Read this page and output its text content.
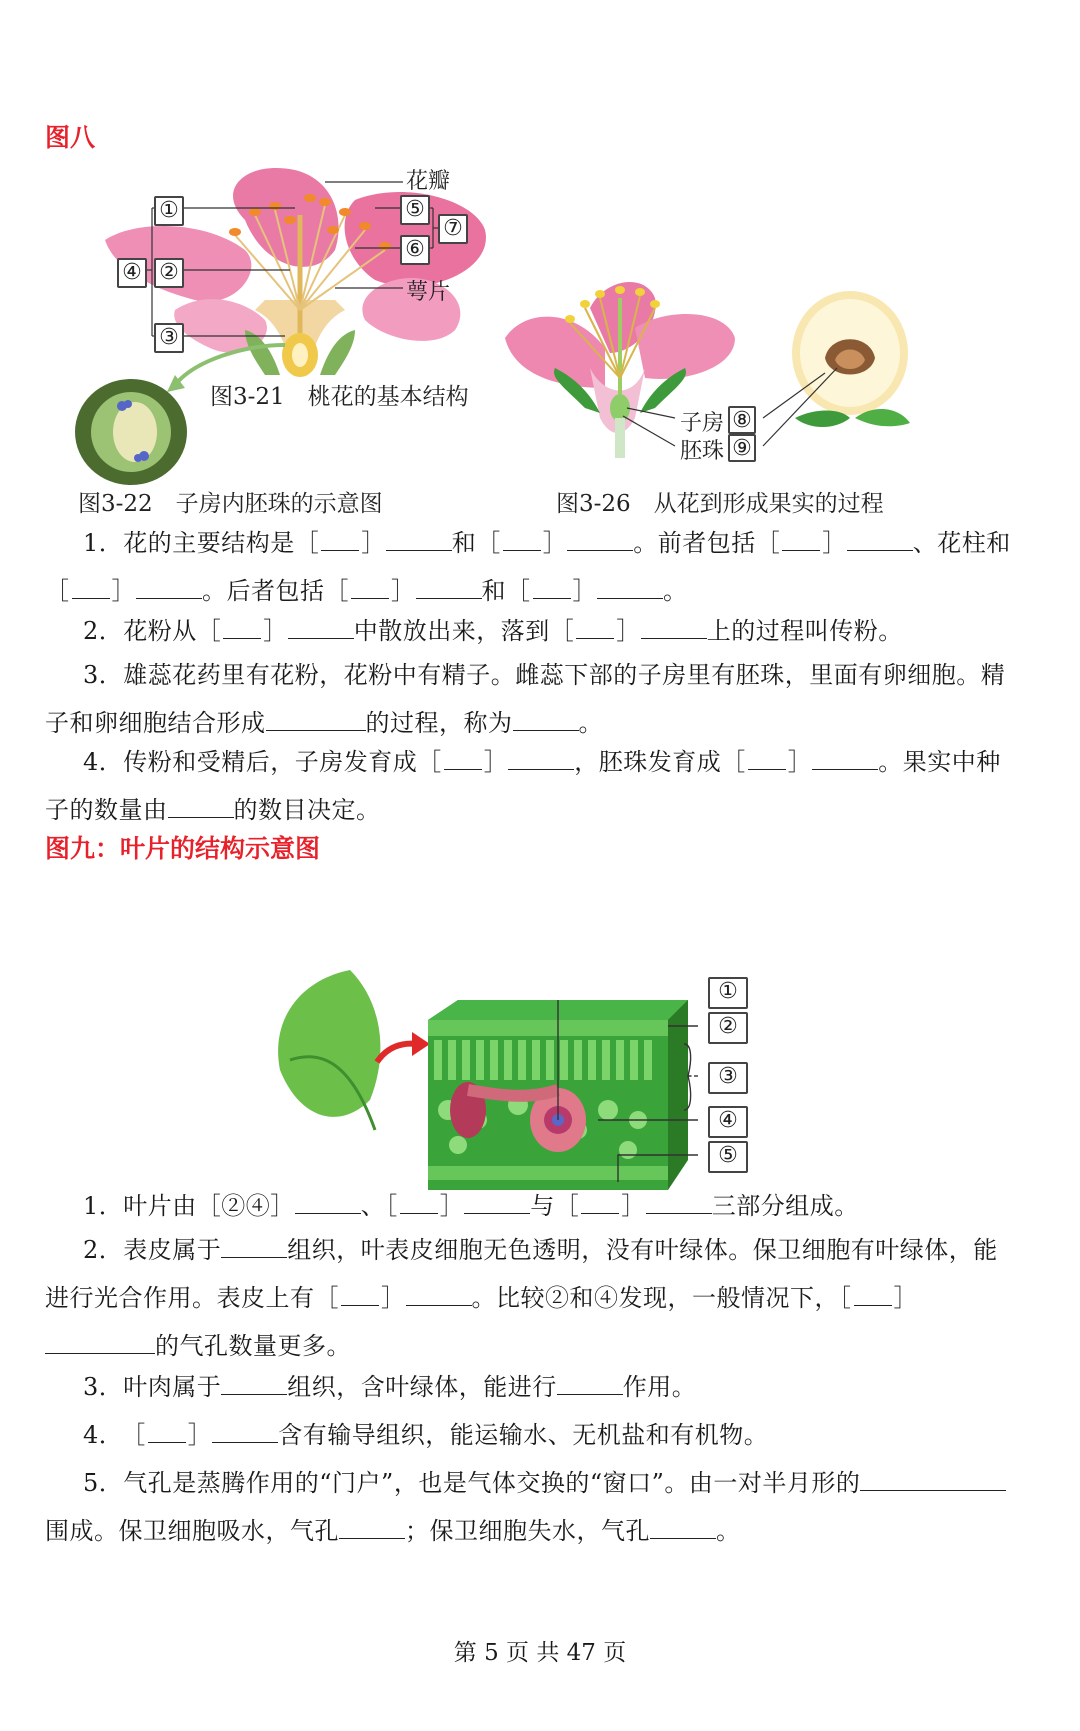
图八
①
②
③
④
⑤
⑥
⑦
花瓣
萼片
图3-21　桃花的基本结构
图3-22　子房内胚珠的示意图
子房
胚珠
⑧
⑨
图3-26　从花到形成果实的过程
1．花的主要结构是［ ］	和［ ］	。前者包括［ ］	、花柱和
［ ］	。后者包括［ ］	和［ ］	。
2．花粉从［ ］	中散放出来，落到［ ］	上的过程叫传粉。
3．雄蕊花药里有花粉，花粉中有精子。雌蕊下部的子房里有胚珠，里面有卵细胞。精
子和卵细胞结合形成	的过程，称为	。
4．传粉和受精后，子房发育成［ ］	，胚珠发育成［ ］	。果实中种
子的数量由	的数目决定。
图九：叶片的结构示意图
①
②
③
④
⑤
1．叶片由［②④］	、［ ］	与［ ］	三部分组成。
2．表皮属于	组织，叶表皮细胞无色透明，没有叶绿体。保卫细胞有叶绿体，能
进行光合作用。表皮上有［ ］	。比较②和④发现，一般情况下，［ ］
的气孔数量更多。
3．叶肉属于	组织，含叶绿体，能进行	作用。
4． ［ ］	含有输导组织，能运输水、无机盐和有机物。
5．气孔是蒸腾作用的“门户”，也是气体交换的“窗口”。由一对半月形的
围成。保卫细胞吸水，气孔	；保卫细胞失水，气孔	。
第 5 页 共 47 页
